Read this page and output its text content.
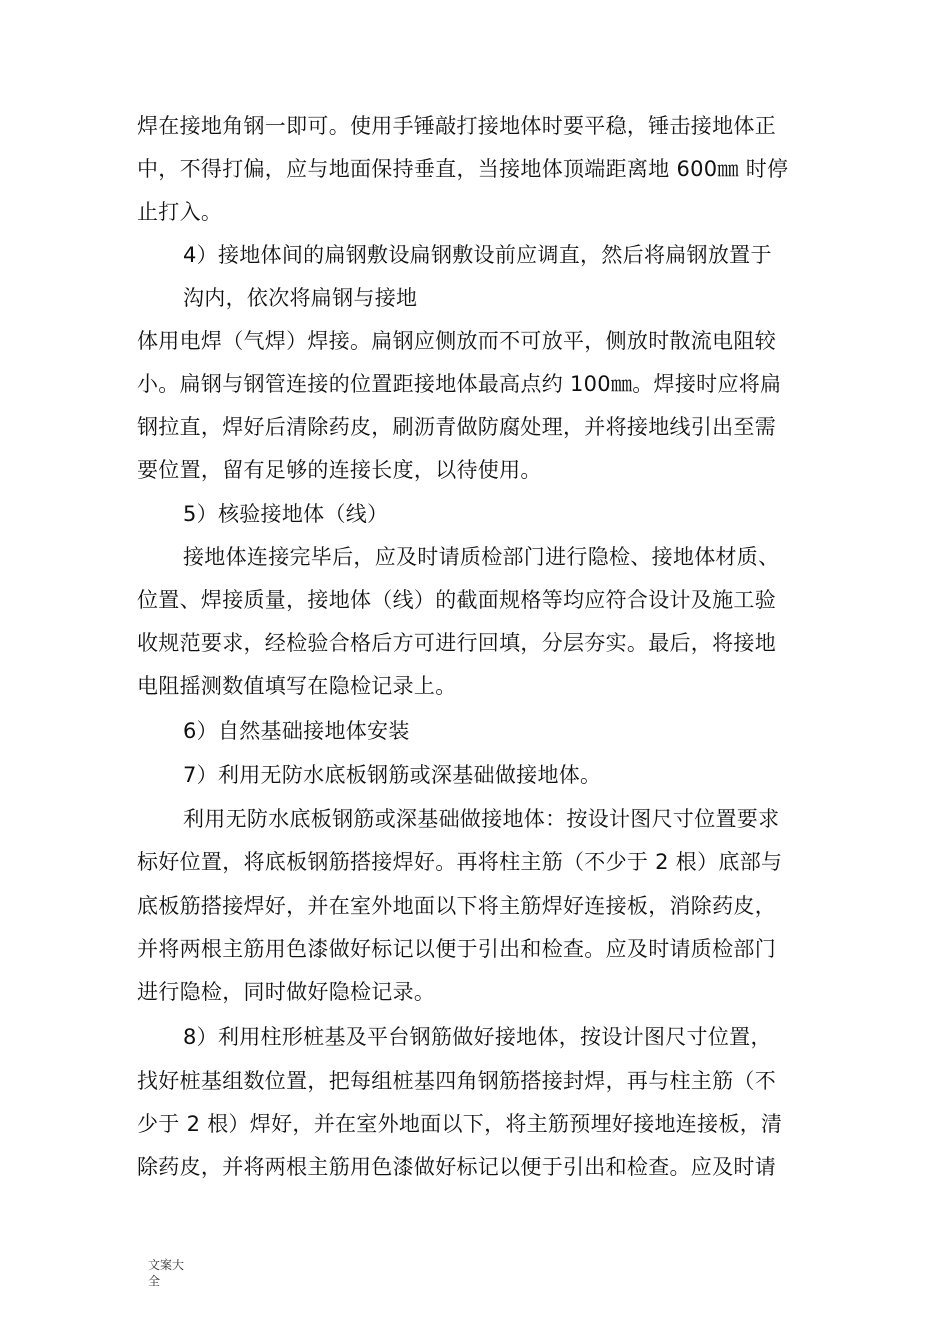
焊在接地角钢一即可。使用手锤敲打接地体时要平稳，锤击接地体正
中，不得打偏，应与地面保持垂直，当接地体顶端距离地 600㎜ 时停
止打入。
4）接地体间的扁钢敷设扁钢敷设前应调直，然后将扁钢放置于
沟内，依次将扁钢与接地
体用电焊（气焊）焊接。扁钢应侧放而不可放平，侧放时散流电阻较
小。扁钢与钢管连接的位置距接地体最高点约 100㎜。焊接时应将扁
钢拉直，焊好后清除药皮，刷沥青做防腐处理，并将接地线引出至需
要位置，留有足够的连接长度，以待使用。
5）核验接地体（线）
接地体连接完毕后，应及时请质检部门进行隐检、接地体材质、
位置、焊接质量，接地体（线）的截面规格等均应符合设计及施工验
收规范要求，经检验合格后方可进行回填，分层夯实。最后，将接地
电阻摇测数值填写在隐检记录上。
6）自然基础接地体安装
7）利用无防水底板钢筋或深基础做接地体。
利用无防水底板钢筋或深基础做接地体：按设计图尺寸位置要求
标好位置，将底板钢筋搭接焊好。再将柱主筋（不少于 2 根）底部与
底板筋搭接焊好，并在室外地面以下将主筋焊好连接板，消除药皮，
并将两根主筋用色漆做好标记以便于引出和检查。应及时请质检部门
进行隐检，同时做好隐检记录。
8）利用柱形桩基及平台钢筋做好接地体，按设计图尺寸位置，
找好桩基组数位置，把每组桩基四角钢筋搭接封焊，再与柱主筋（不
少于 2 根）焊好，并在室外地面以下，将主筋预埋好接地连接板，清
除药皮，并将两根主筋用色漆做好标记以便于引出和检查。应及时请
文案大全
